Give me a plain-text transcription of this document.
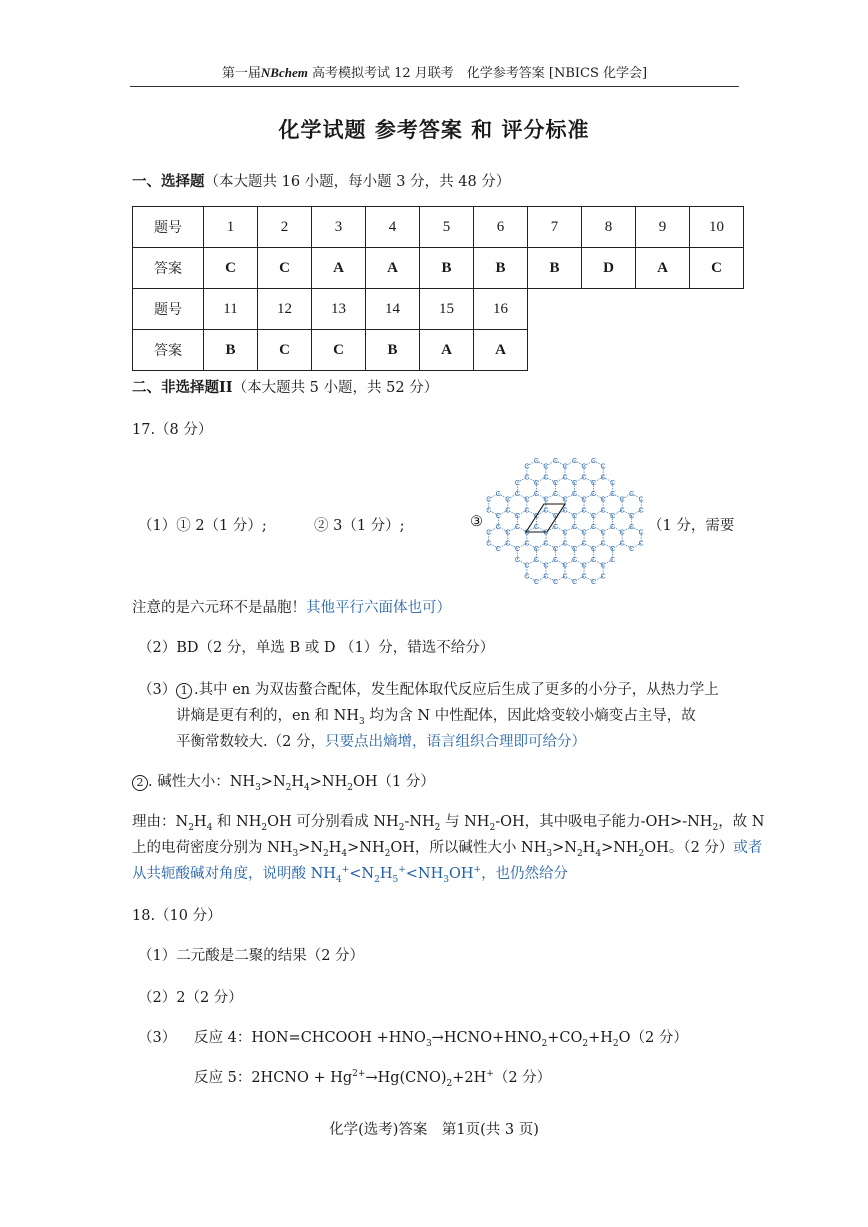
第一届NBchem 高考模拟考试 12 月联考　化学参考答案 [NBICS 化学会]
化学试题 参考答案 和 评分标准
一、选择题（本大题共 16 小题，每小题 3 分，共 48 分）
题号	1	2	3	4	5	6	7	8	9	10
答案	C	C	A	A	B	B	B	D	A	C
题号	11	12	13	14	15	16				
答案	B	C	C	B	A	A				
二、非选择题II（本大题共 5 小题，共 52 分）
17.（8 分）
（1）① 2（1 分）;	② 3（1 分）;	③	（1 分，需要
C
C
C
C
C
C
C
C
C
C
C
C
C
C
C
C
C
C
C
C
C
C
C
C
C
C
C
C
C
C
C
C
C
C
C
C
C
C
C
C
C
C
C
C
C
C
C
C
C
C
C
C
C
C
C
C
C	C
C
C
C
C
C
C
C
C
C
C
C
C
C
C
C
C
C
C
C
C
C
C
C
C
C
C
C
C
C
C
C
C
C	C
C
C
C
C
C
C
C
C
C
C	C
C
C
C
C
C
注意的是六元环不是晶胞！其他平行六面体也可）
（2）BD（2 分，单选 B 或 D （1）分，错选不给分）
（3） 1 .其中 en 为双齿螯合配体，发生配体取代反应后生成了更多的小分子，从热力学上
讲熵是更有利的，en 和 $NH_3$ 均为含 N 中性配体，因此焓变较小熵变占主导，故
平衡常数较大.（2 分，只要点出熵增，语言组织合理即可给分）
2 . 碱性大小：$NH_3>N_2H_4>NH_2OH(1$ 分）
理由：$N_2H_4$ 和 $NH_2OH$ 可分别看成 $NH_2-NH_2$ 与 $NH_2-OH$，其中吸电子能力$-OH>-NH_2$，故 N
上的电荷密度分别为 $NH_3>N_2H_4>NH_2OH$，所以碱性大小 $NH_3>N_2H_4>NH_2OH$。（2 分）或者
从共轭酸碱对角度，说明酸 $NH_4^+<N_2H_5^+<NH_3OH^+$，也仍然给分
18.（10 分）
（1）二元酸是二聚的结果（2 分）
（2）2（2 分）
（3） 反应 4：HON=CHCOOH $+HNO_3\to HCNO+HNO_2+CO_2+H_2O(2$ 分）
反应 5：2HCNO + $Hg^{2+}\to Hg(CNO)_2+2H^+(2$ 分）
化学(选考)答案　第1页(共 3 页)
